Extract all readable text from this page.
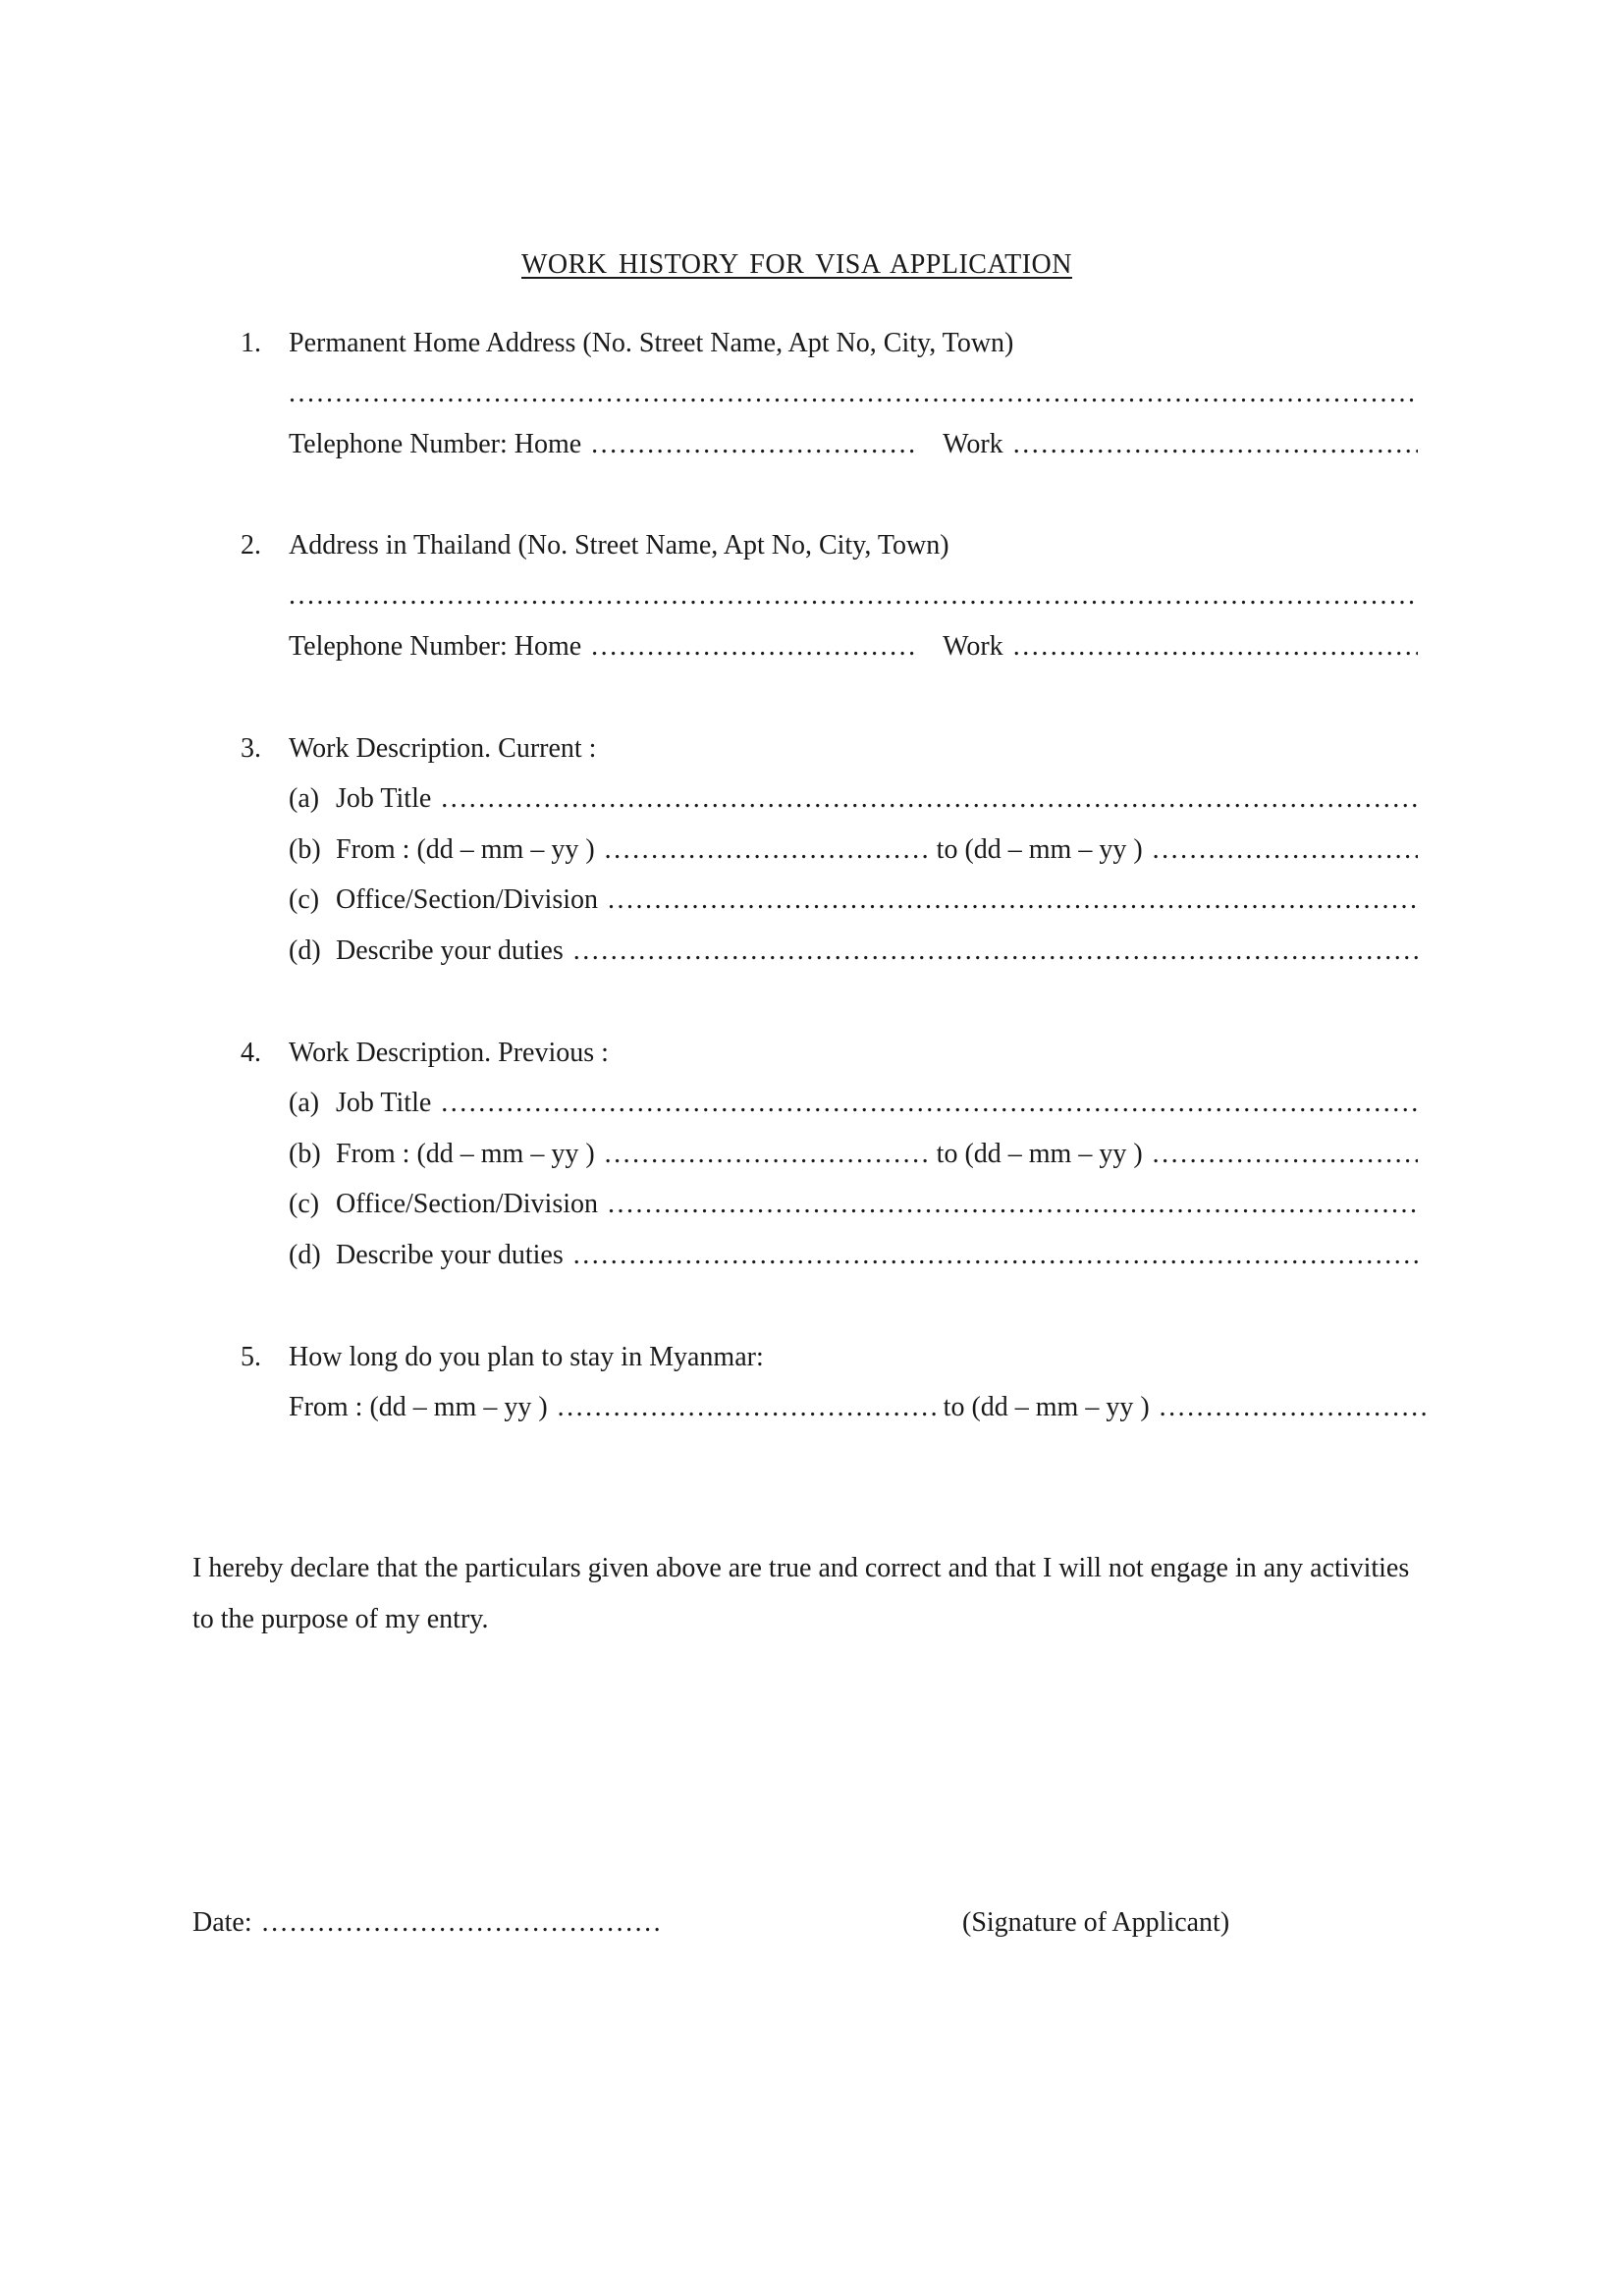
WORK HISTORY FOR VISA APPLICATION
1. Permanent Home Address (No. Street Name, Apt No, City, Town)
.....
Telephone Number: Home .....	Work
.....
2. Address in Thailand (No. Street Name, Apt No, City, Town)
.....
Telephone Number: Home .....	Work
.....
3. Work Description. Current :
(a) Job Title
.....
(b) From : (dd – mm – yy ) .....	to (dd – mm – yy )
.....
(c) Office/Section/Division
.....
(d) Describe your duties
.....
4. Work Description. Previous :
(a) Job Title
.....
(b) From : (dd – mm – yy ) .....	to (dd – mm – yy )
.....
(c) Office/Section/Division
.....
(d) Describe your duties
.....
5. How long do you plan to stay in Myanmar:
From : (dd – mm – yy ) .....	to (dd – mm – yy )
.....
I hereby declare that the particulars given above are true and correct and that I will not engage in any activities to the purpose of my entry.
Date: .....	(Signature of Applicant)
